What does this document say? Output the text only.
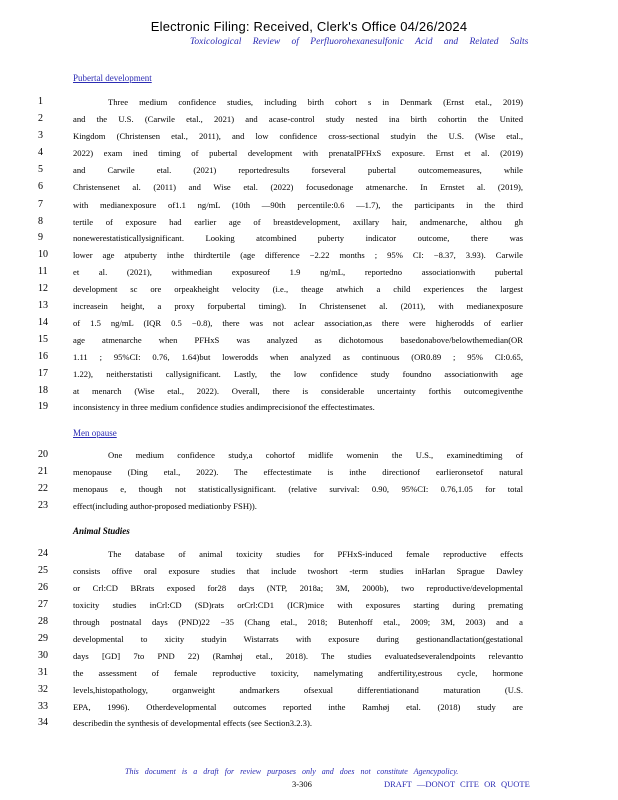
Electronic Filing: Received, Clerk's Office 04/26/2024
Toxicological Review of Perfluorohexanesulfonic Acid and Related Salts
Pubertal development
Men opause
Animal Studies
1	Three medium confidence studies, including birth cohort s in Denmark (Ernst etal., 2019)
2	and the U.S. (Carwile etal., 2021) and acase-control study nested ina birth cohortin the United
3	Kingdom (Christensen etal., 2011), and low confidence cross-sectional studyin the U.S. (Wise etal.,
4	2022) exam ined timing of pubertal development with prenatalPFHxS exposure. Ernst et al. (2019)
5	and Carwile etal. (2021) reportedresults forseveral pubertal outcomemeasures, while
6	Christensenet al. (2011) and Wise etal. (2022) focusedonage atmenarche. In Ernstet al. (2019),
7	with medianexposure of1.1 ng/mL (10th —90th percentile:0.6 —1.7), the participants in the third
8	tertile of exposure had earlier age of breastdevelopment, axillary hair, andmenarche, althou gh
9	nonewerestatisticallysignificant. Looking atcombined puberty indicator outcome, there was
10	lower age atpuberty inthe thirdtertile (age difference −2.22 months ; 95% CI: −8.37, 3.93). Carwile
11	et al. (2021), withmedian exposureof 1.9 ng/mL, reportedno associationwith pubertal
12	development sc ore orpeakheight velocity (i.e., theage atwhich a child experiences the largest
13	increasein height, a proxy forpubertal timing). In Christensenet al. (2011), with medianexposure
14	of 1.5 ng/mL (IQR 0.5 −0.8), there was not aclear association,as there were higherodds of earlier
15	age atmenarche when PFHxS was analyzed as dichotomous basedonabove/belowthemedian(OR
16	1.11 ; 95%CI: 0.76, 1.64)but lowerodds when analyzed as continuous (OR0.89 ; 95% CI:0.65,
17	1.22), neitherstatisti callysignificant. Lastly, the low confidence study foundno associationwith age
18	at menarch (Wise etal., 2022). Overall, there is considerable uncertainty forthis outcomegiventhe
19	inconsistency in three medium confidence studies andimprecisionof the effectestimates.
20	One medium confidence study,a cohortof midlife womenin the U.S., examinedtiming of
21	menopause (Ding etal., 2022). The effectestimate is inthe directionof earlieronsetof natural
22	menopaus e, though not statisticallysignificant. (relative survival: 0.90, 95%CI: 0.76,1.05 for total
23	effect(including author-proposed mediationby FSH)).
24	The database of animal toxicity studies for PFHxS-induced female reproductive effects
25	consists offive oral exposure studies that include twoshort -term studies inHarlan Sprague Dawley
26	or Crl:CD BRrats exposed for28 days (NTP, 2018a; 3M, 2000b), two reproductive/developmental
27	toxicity studies inCrl:CD (SD)rats orCrl:CD1 (ICR)mice with exposures starting during premating
28	through postnatal days (PND)22 −35 (Chang etal., 2018; Butenhoff etal., 2009; 3M, 2003) and a
29	developmental to xicity studyin Wistarrats with exposure during gestionandlactation(gestational
30	days [GD] 7to PND 22) (Ramhøj etal., 2018). The studies evaluatedseveralendpoints relevantto
31	the assessment of female reproductive toxicity, namelymating andfertility,estrous cycle, hormone
32	levels,histopathology, organweight andmarkers ofsexual differentiationand maturation (U.S.
33	EPA, 1996). Otherdevelopmental outcomes reported inthe Ramhøj etal. (2018) study are
34	describedin the synthesis of developmental effects (see Section3.2.3).
This document is a draft for review purposes only and does not constitute Agencypolicy.
3-306	DRAFT —DONOT CITE OR QUOTE
